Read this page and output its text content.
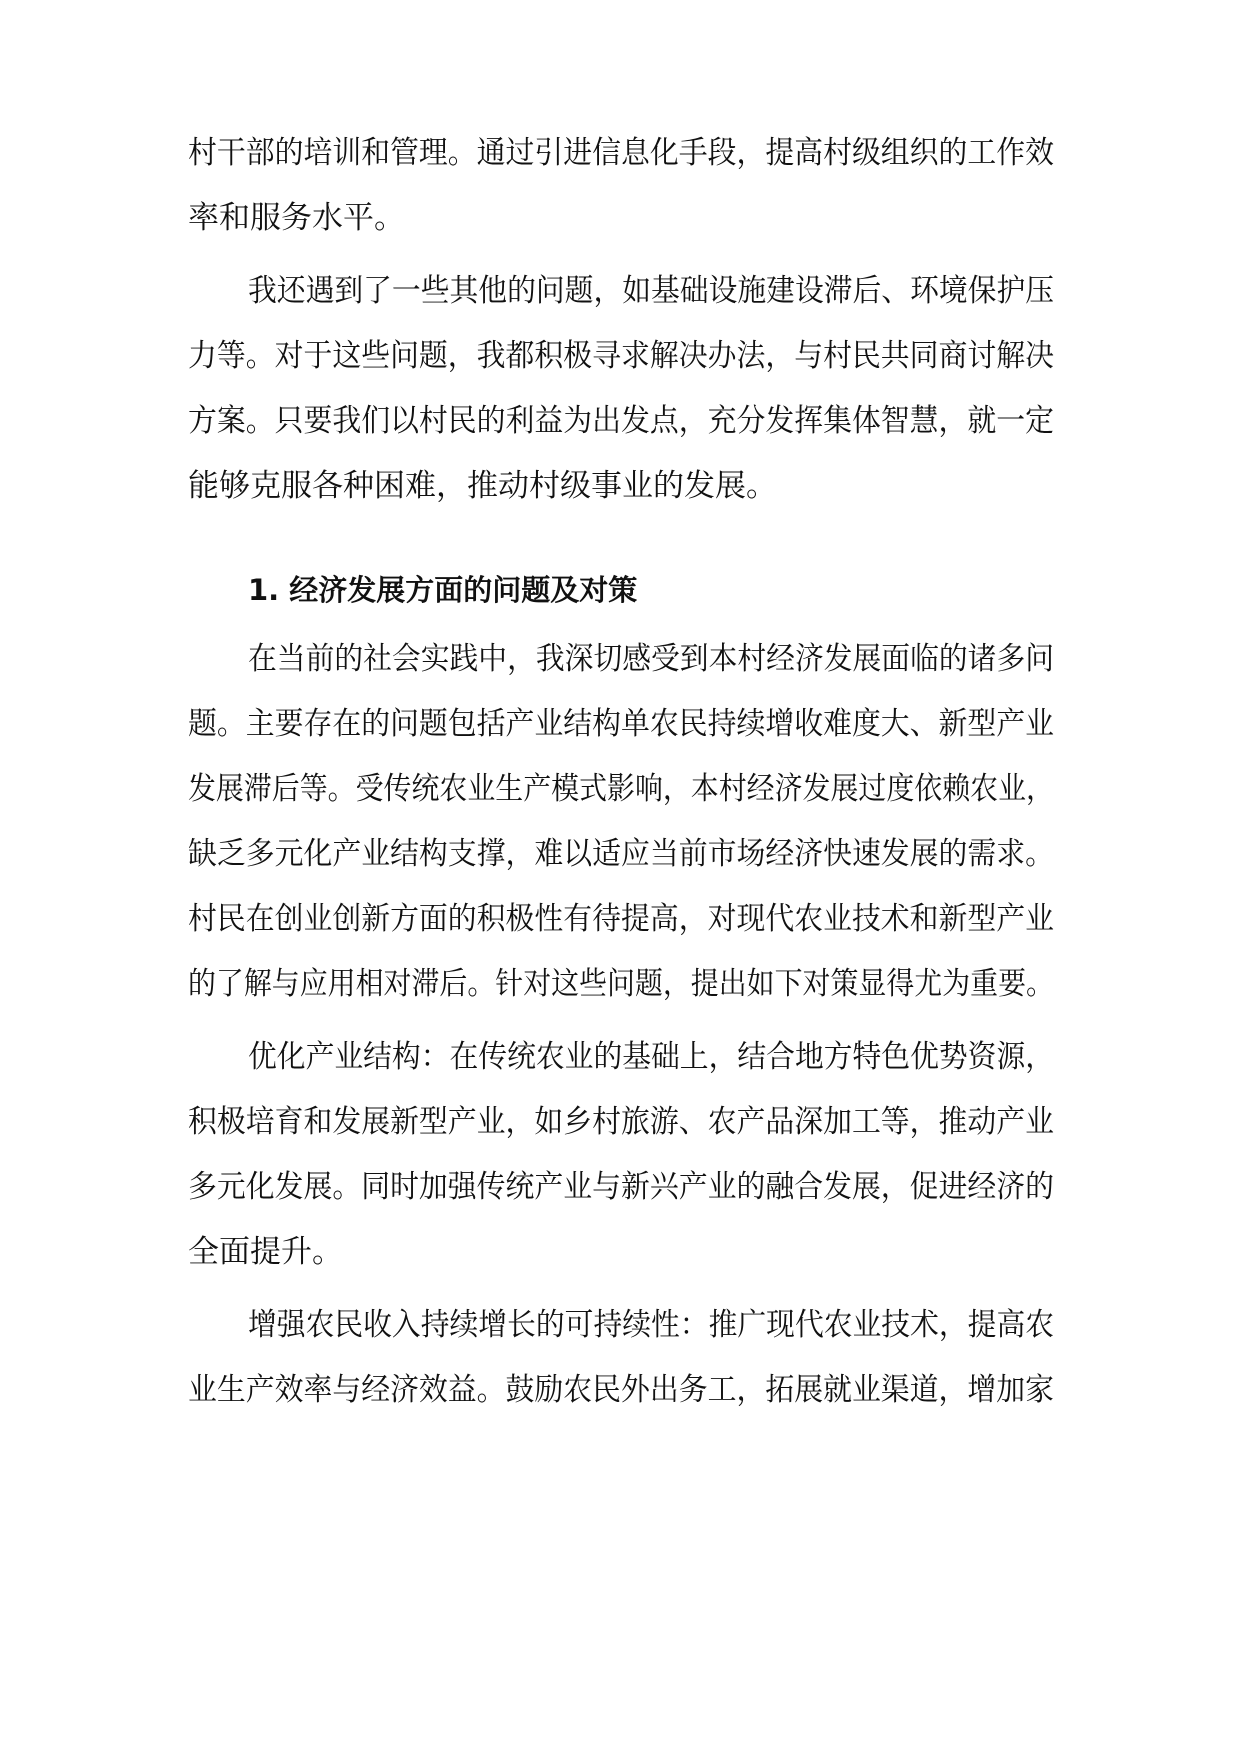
村干部的培训和管理。通过引进信息化手段，提高村级组织的工作效
率和服务水平。
我还遇到了一些其他的问题，如基础设施建设滞后、环境保护压
力等。对于这些问题，我都积极寻求解决办法，与村民共同商讨解决
方案。只要我们以村民的利益为出发点，充分发挥集体智慧，就一定
能够克服各种困难，推动村级事业的发展。
1. 经济发展方面的问题及对策
在当前的社会实践中，我深切感受到本村经济发展面临的诸多问
题。主要存在的问题包括产业结构单农民持续增收难度大、新型产业
发展滞后等。受传统农业生产模式影响，本村经济发展过度依赖农业，
缺乏多元化产业结构支撑，难以适应当前市场经济快速发展的需求。
村民在创业创新方面的积极性有待提高，对现代农业技术和新型产业
的了解与应用相对滞后。针对这些问题，提出如下对策显得尤为重要。
优化产业结构：在传统农业的基础上，结合地方特色优势资源，
积极培育和发展新型产业，如乡村旅游、农产品深加工等，推动产业
多元化发展。同时加强传统产业与新兴产业的融合发展，促进经济的
全面提升。
增强农民收入持续增长的可持续性：推广现代农业技术，提高农
业生产效率与经济效益。鼓励农民外出务工，拓展就业渠道，增加家
